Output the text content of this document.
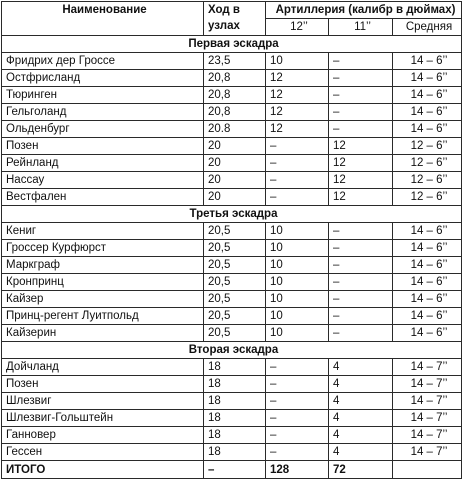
Наименование	Ход в
узлах	Артиллерия (калибр в дюймах)		
		12’’	11’’	Средняя
Первая эскадра				
Фридрих дер Гроссе	23,5	10	–	14 – 6’’
Остфрисланд	20,8	12	–	14 – 6’’
Тюринген	20,8	12	–	14 – 6’’
Гельголанд	20,8	12	–	14 – 6’’
Ольденбург	20.8	12	–	14 – 6’’
Позен	20	–	12	12 – 6’’
Рейнланд	20	–	12	12 – 6’’
Нассау	20	–	12	12 – 6’’
Вестфален	20	–	12	12 – 6’’
Третья эскадра				
Кениг	20,5	10	–	14 – 6’’
Гроссер Курфюрст	20,5	10	–	14 – 6’’
Маркграф	20,5	10	–	14 – 6’’
Кронпринц	20,5	10	–	14 – 6’’
Кайзер	20,5	10	–	14 – 6’’
Принц-регент Луитпольд	20,5	10	–	14 – 6’’
Кайзерин	20,5	10	–	14 – 6’’
Вторая эскадра				
Дойчланд	18	–	4	14 – 7’’
Позен	18	–	4	14 – 7’’
Шлезвиг	18	–	4	14 – 7’’
Шлезвиг-Гольштейн	18	–	4	14 – 7’’
Ганновер	18	–	4	14 – 7’’
Гессен	18	–	4	14 – 7’’
ИТОГО	–	128	72	
